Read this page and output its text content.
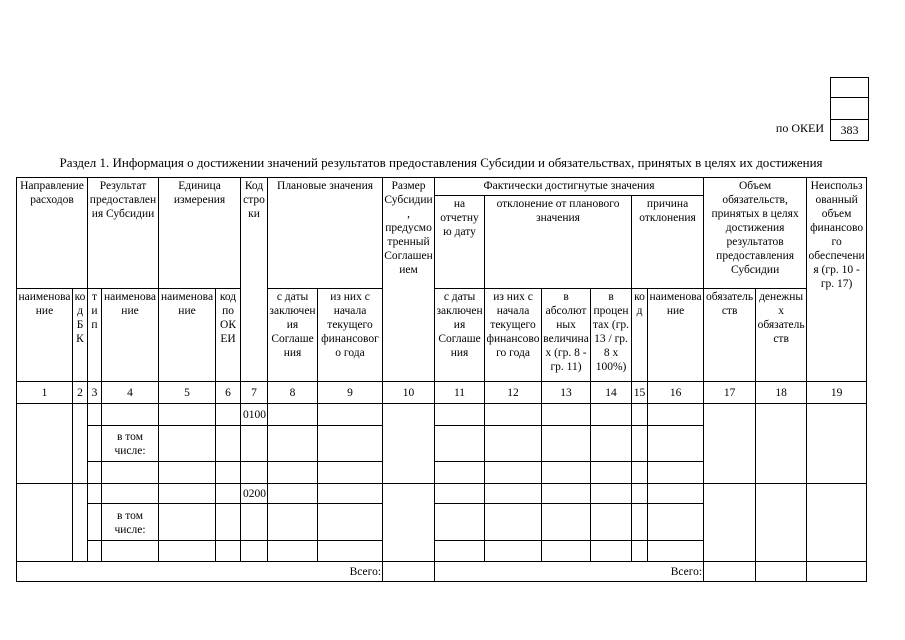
по ОКЕИ 383
Раздел 1. Информация о достижении значений результатов предоставления Субсидии и обязательствах, принятых в целях их достижения
Направление расходов		Результат предоставления Субсидии		Единица измерения		Код строки	Плановые значения		Размер Субсидии, предусмотренный Соглашением	Фактически достигнутые значения						Объем обязательств, принятых в целях достижения результатов предоставления Субсидии		Неиспользованный объем финансового обеспечения (гр. 10 - гр. 17)
										на отчетную дату	отклонение от планового значения			причина отклонения				
наименование	код БК	тип	наименование	наименование	код по ОКЕИ		с даты заключения Соглашения	из них с начала текущего финансового года		с даты заключения Соглашения	из них с начала текущего финансового года	в абсолютных величинах (гр. 8 - гр. 11)	в процентах (гр. 13 / гр. 8 x 100%)	код	наименование	обязательств	денежных обязательств	
1	2	3	4	5	6	7	8	9	10	11	12	13	14	15	16	17	18	19
						0100												
			в том числе:															

						0200												
			в том числе:															

Всего:										Всего:								
